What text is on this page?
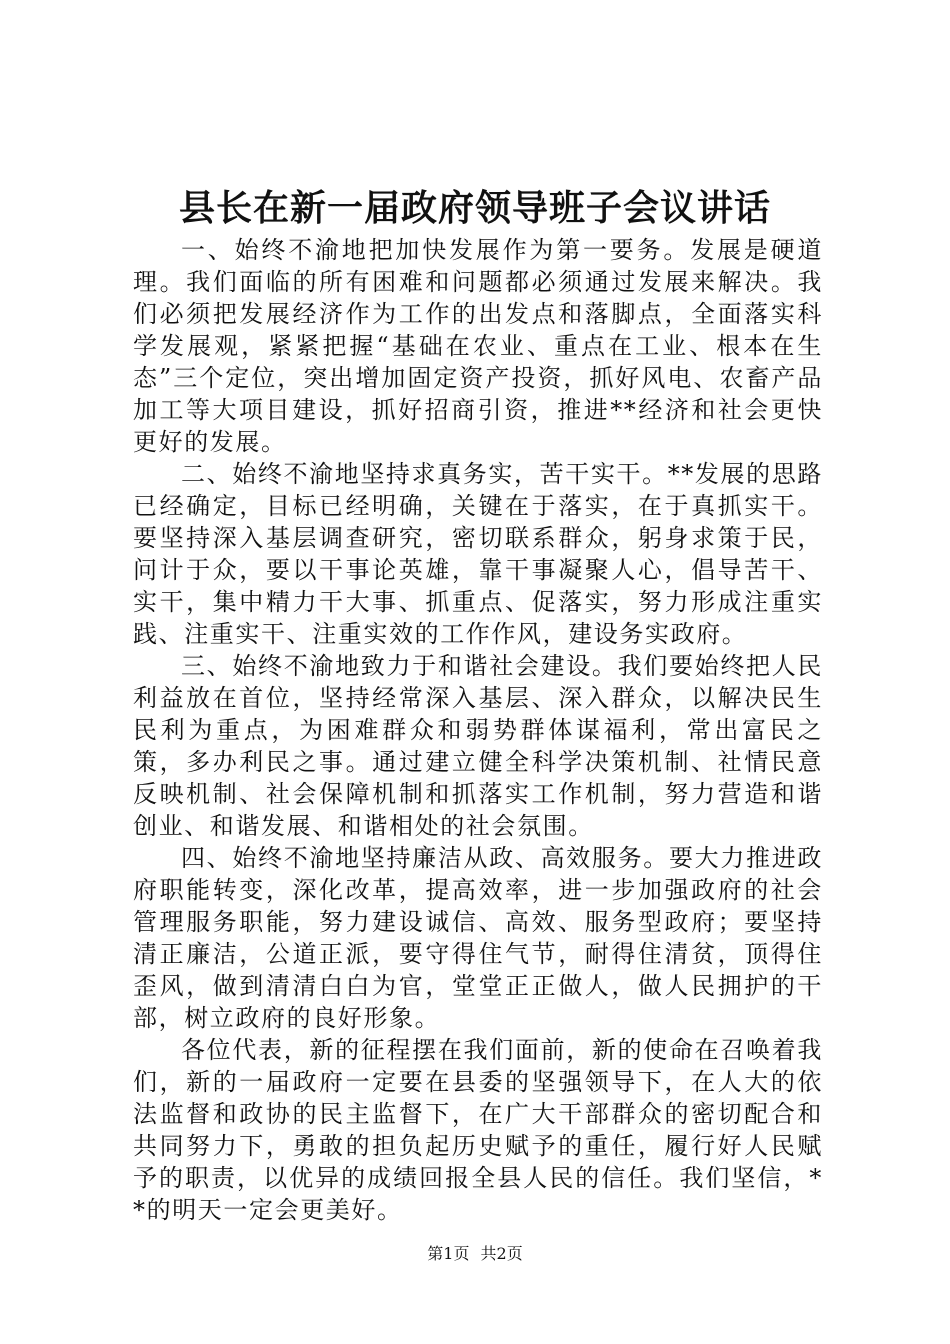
县长在新一届政府领导班子会议讲话

一、始终不渝地把加快发展作为第一要务。发展是硬道理。我们面临的所有困难和问题都必须通过发展来解决。我们必须把发展经济作为工作的出发点和落脚点，全面落实科学发展观，紧紧把握“基础在农业、重点在工业、根本在生态”三个定位，突出增加固定资产投资，抓好风电、农畜产品加工等大项目建设，抓好招商引资，推进**经济和社会更快更好的发展。

二、始终不渝地坚持求真务实，苦干实干。**发展的思路已经确定，目标已经明确，关键在于落实，在于真抓实干。要坚持深入基层调查研究，密切联系群众，躬身求策于民，问计于众，要以干事论英雄，靠干事凝聚人心，倡导苦干、实干，集中精力干大事、抓重点、促落实，努力形成注重实践、注重实干、注重实效的工作作风，建设务实政府。

三、始终不渝地致力于和谐社会建设。我们要始终把人民利益放在首位，坚持经常深入基层、深入群众，以解决民生民利为重点，为困难群众和弱势群体谋福利，常出富民之策，多办利民之事。通过建立健全科学决策机制、社情民意反映机制、社会保障机制和抓落实工作机制，努力营造和谐创业、和谐发展、和谐相处的社会氛围。

四、始终不渝地坚持廉洁从政、高效服务。要大力推进政府职能转变，深化改革，提高效率，进一步加强政府的社会管理服务职能，努力建设诚信、高效、服务型政府；要坚持清正廉洁，公道正派，要守得住气节，耐得住清贫，顶得住歪风，做到清清白白为官，堂堂正正做人，做人民拥护的干部，树立政府的良好形象。

各位代表，新的征程摆在我们面前，新的使命在召唤着我们，新的一届政府一定要在县委的坚强领导下，在人大的依法监督和政协的民主监督下，在广大干部群众的密切配合和共同努力下，勇敢的担负起历史赋予的重任，履行好人民赋予的职责，以优异的成绩回报全县人民的信任。我们坚信，**的明天一定会更美好。

第1页 共2页
